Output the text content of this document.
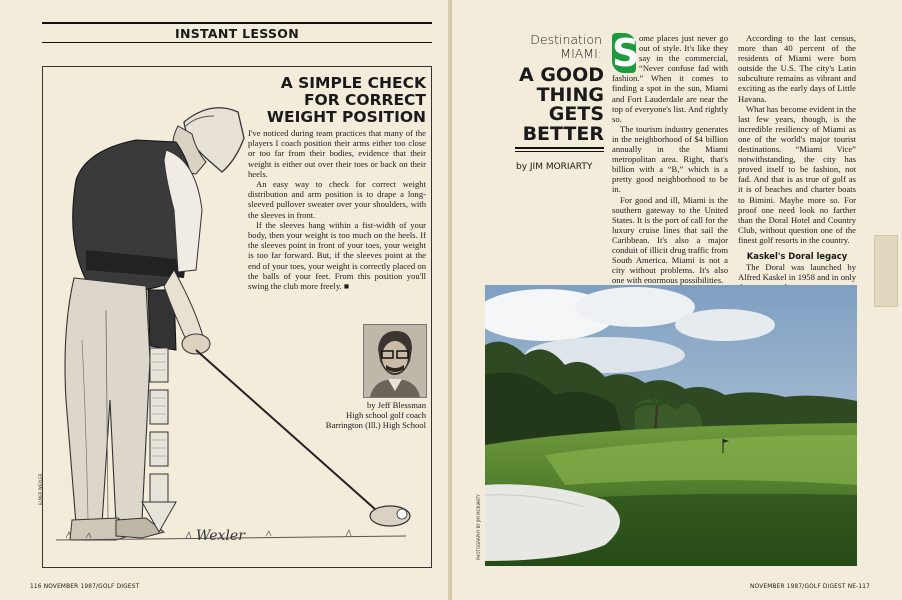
INSTANT LESSON
Wexler
A SIMPLE CHECK
FOR CORRECT
WEIGHT POSITION

I've noticed during team practices that many of the players I coach position their arms either too close or too far from their bodies, evidence that their weight is either out over their toes or back on their heels.

An easy way to check for correct weight distribution and arm position is to drape a long-sleeved pullover sweater over your shoulders, with the sleeves in front.

If the sleeves hang within a fist-width of your body, then your weight is too much on the heels. If the sleeves point in front of your toes, your weight is too far forward. But, if the sleeves point at the end of your toes, your weight is correctly placed on the balls of your feet. From this position you'll swing the club more freely. ■

by Jeff Blessman
High school golf coach
Barrington (Ill.) High School
ELMER WEXLER
116 NOVEMBER 1987/GOLF DIGEST
Destination
MIAMI:
A GOOD
THING
GETS
BETTER
by JIM MORIARTY
S ome places just never go out of style. It's like they say in the commercial, “Never confuse fad with fashion.” When it comes to finding a spot in the sun, Miami and Fort Lauderdale are near the top of everyone's list. And rightly so.

The tourism industry generates in the neighborhood of $4 billion annually in the Miami metropolitan area. Right, that's billion with a “B,” which is a pretty good neighborhood to be in.

For good and ill, Miami is the southern gateway to the United States. It is the port of call for the luxury cruise lines that sail the Caribbean. It's also a major conduit of illicit drug traffic from South America. Miami is not a city without problems. It's also one with enormous possibilities.

According to the last census, more than 40 percent of the residents of Miami were born outside the U.S. The city's Latin subculture remains as vibrant and exciting as the early days of Little Havana.

What has become evident in the last few years, though, is the incredible resiliency of Miami as one of the world's major tourist destinations. “Miami Vice” notwithstanding, the city has proved itself to be fashion, not fad. And that is as true of golf as it is of beaches and charter boats to Bimini. Maybe more so. For proof one need look no farther than the Doral Hotel and Country Club, without question one of the finest golf resorts in the country.

Kaskel's Doral legacy

The Doral was launched by Alfred Kaskel in 1958 and in only

PHOTOGRAPHY BY JIM MORIARTY
NOVEMBER 1987/GOLF DIGEST NE-117
